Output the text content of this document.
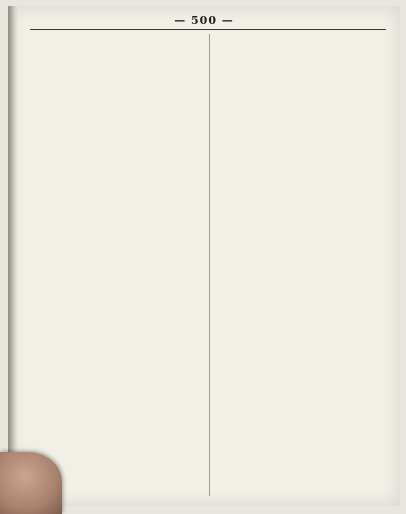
— 500 —
